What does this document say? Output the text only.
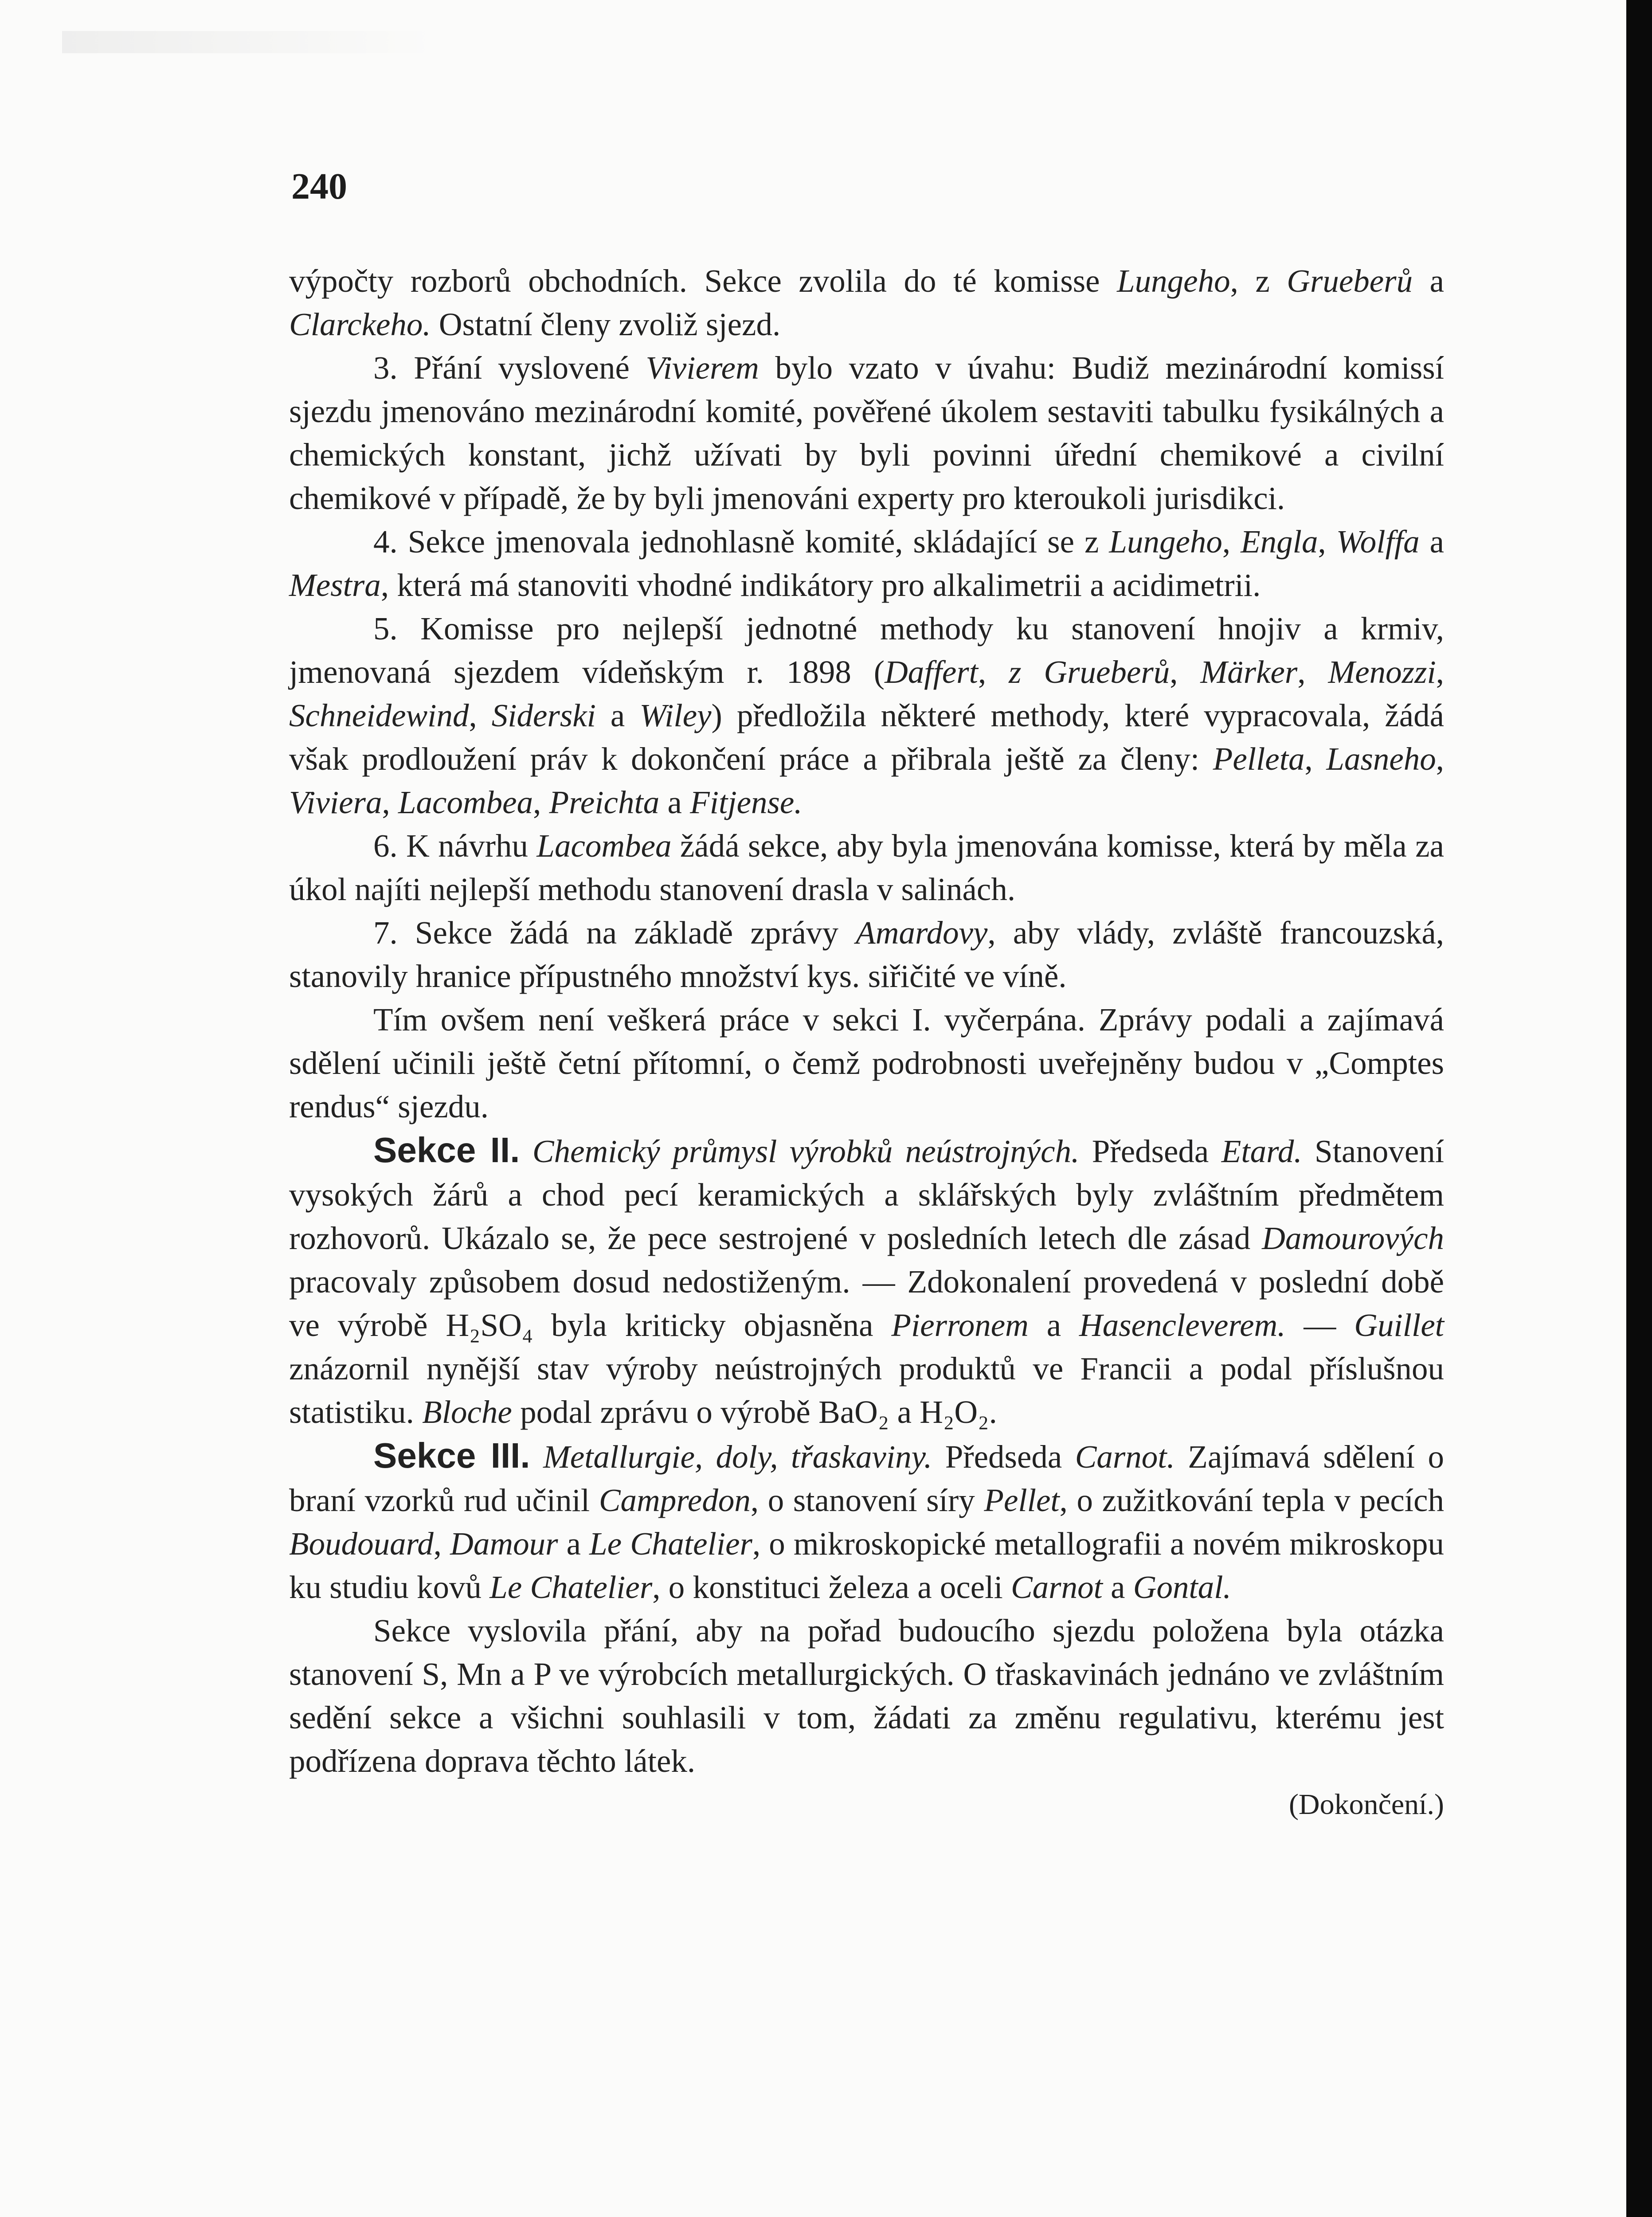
240

výpočty rozborů obchodních. Sekce zvolila do té komisse Lungeho, z Grueberů a Clarckeho. Ostatní členy zvoliž sjezd.

3. Přání vyslovené Vivierem bylo vzato v úvahu: Budiž mezinárodní komissí sjezdu jmenováno mezinárodní komité, pověřené úkolem sestaviti tabulku fysikálných a chemických konstant, jichž užívati by byli povinni úřední chemikové a civilní chemikové v případě, že by byli jmenováni experty pro kteroukoli jurisdikci.

4. Sekce jmenovala jednohlasně komité, skládající se z Lungeho, Engla, Wolffa a Mestra, která má stanoviti vhodné indikátory pro alkalimetrii a acidimetrii.

5. Komisse pro nejlepší jednotné methody ku stanovení hnojiv a krmiv, jmenovaná sjezdem vídeňským r. 1898 (Daffert, z Grueberů, Märker, Menozzi, Schneidewind, Siderski a Wiley) předložila některé methody, které vypracovala, žádá však prodloužení práv k dokončení práce a přibrala ještě za členy: Pelleta, Lasneho, Viviera, Lacombea, Preichta a Fitjense.

6. K návrhu Lacombea žádá sekce, aby byla jmenována komisse, která by měla za úkol najíti nejlepší methodu stanovení drasla v salinách.

7. Sekce žádá na základě zprávy Amardovy, aby vlády, zvláště francouzská, stanovily hranice přípustného množství kys. siřičité ve víně.

Tím ovšem není veškerá práce v sekci I. vyčerpána. Zprávy podali a zajímavá sdělení učinili ještě četní přítomní, o čemž podrobnosti uveřejněny budou v „Comptes rendus“ sjezdu.

Sekce II. Chemický průmysl výrobků neústrojných. Předseda Etard. Stanovení vysokých žárů a chod pecí keramických a sklářských byly zvláštním předmětem rozhovorů. Ukázalo se, že pece sestrojené v posledních letech dle zásad Damourových pracovaly způsobem dosud nedostiženým. — Zdokonalení provedená v poslední době ve výrobě H₂SO₄ byla kriticky objasněna Pierronem a Hasencleverem. — Guillet znázornil nynější stav výroby neústrojných produktů ve Francii a podal příslušnou statistiku. Bloche podal zprávu o výrobě BaO₂ a H₂O₂.

Sekce III. Metallurgie, doly, třaskaviny. Předseda Carnot. Zajímavá sdělení o braní vzorků rud učinil Campredon, o stanovení síry Pellet, o zužitkování tepla v pecích Boudouard, Damour a Le Chatelier, o mikroskopické metallografii a novém mikroskopu ku studiu kovů Le Chatelier, o konstituci železa a oceli Carnot a Gontal.

Sekce vyslovila přání, aby na pořad budoucího sjezdu položena byla otázka stanovení S, Mn a P ve výrobcích metallurgických. O třaskavinách jednáno ve zvláštním sedění sekce a všichni souhlasili v tom, žádati za změnu regulativu, kterému jest podřízena doprava těchto látek.

(Dokončení.)
